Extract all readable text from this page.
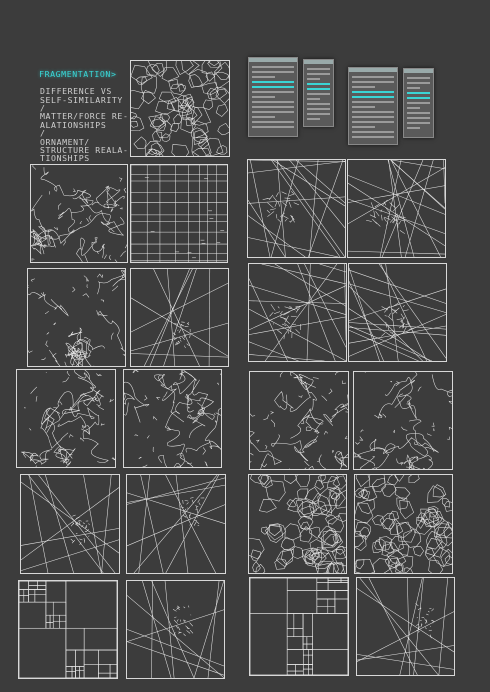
FRAGMENTATION>

DIFFERENCE VS
SELF-SIMILARITY
/
MATTER/FORCE RE-
ALATIONSHIPS
/
ORNAMENT/
STRUCTURE REALA-
TIONSHIPS
